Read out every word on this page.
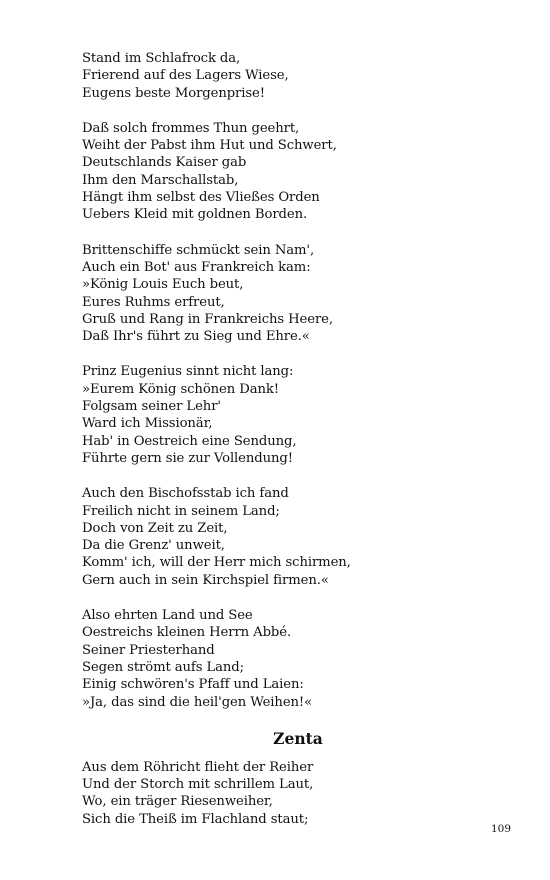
Stand im Schlafrock da,
Frierend auf des Lagers Wiese,
Eugens beste Morgenprise!
Daß solch frommes Thun geehrt,
Weiht der Pabst ihm Hut und Schwert,
Deutschlands Kaiser gab
Ihm den Marschallstab,
Hängt ihm selbst des Vließes Orden
Uebers Kleid mit goldnen Borden.
Brittenschiffe schmückt sein Nam',
Auch ein Bot' aus Frankreich kam:
»König Louis Euch beut,
Eures Ruhms erfreut,
Gruß und Rang in Frankreichs Heere,
Daß Ihr's führt zu Sieg und Ehre.«
Prinz Eugenius sinnt nicht lang:
»Eurem König schönen Dank!
Folgsam seiner Lehr'
Ward ich Missionär,
Hab' in Oestreich eine Sendung,
Führte gern sie zur Vollendung!
Auch den Bischofsstab ich fand
Freilich nicht in seinem Land;
Doch von Zeit zu Zeit,
Da die Grenz' unweit,
Komm' ich, will der Herr mich schirmen,
Gern auch in sein Kirchspiel firmen.«
Also ehrten Land und See
Oestreichs kleinen Herrn Abbé.
Seiner Priesterhand
Segen strömt aufs Land;
Einig schwören's Pfaff und Laien:
»Ja, das sind die heil'gen Weihen!«
Zenta
Aus dem Röhricht flieht der Reiher
Und der Storch mit schrillem Laut,
Wo, ein träger Riesenweiher,
Sich die Theiß im Flachland staut;
109
